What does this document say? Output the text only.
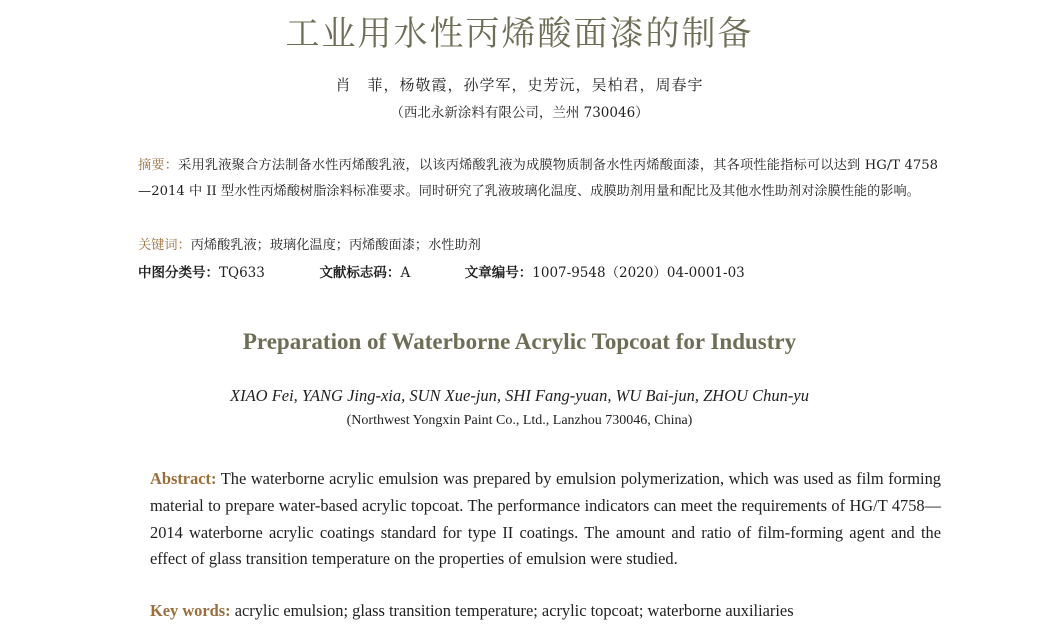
工业用水性丙烯酸面漆的制备
肖　菲，杨敬霞，孙学军，史芳沅，吴柏君，周春宇
（西北永新涂料有限公司，兰州 730046）
摘要：采用乳液聚合方法制备水性丙烯酸乳液，以该丙烯酸乳液为成膜物质制备水性丙烯酸面漆，其各项性能指标可以达到 HG/T 4758—2014 中 II 型水性丙烯酸树脂涂料标准要求。同时研究了乳液玻璃化温度、成膜助剂用量和配比及其他水性助剂对涂膜性能的影响。
关键词：丙烯酸乳液；玻璃化温度；丙烯酸面漆；水性助剂
中图分类号：TQ633	文献标志码：A	文章编号：1007-9548（2020）04-0001-03
Preparation of Waterborne Acrylic Topcoat for Industry
XIAO Fei, YANG Jing-xia, SUN Xue-jun, SHI Fang-yuan, WU Bai-jun, ZHOU Chun-yu
(Northwest Yongxin Paint Co., Ltd., Lanzhou 730046, China)
Abstract: The waterborne acrylic emulsion was prepared by emulsion polymerization, which was used as film forming material to prepare water-based acrylic topcoat. The performance indicators can meet the requirements of HG/T 4758—2014 waterborne acrylic coatings standard for type II coatings. The amount and ratio of film-forming agent and the effect of glass transition temperature on the properties of emulsion were studied.
Key words: acrylic emulsion; glass transition temperature; acrylic topcoat; waterborne auxiliaries
